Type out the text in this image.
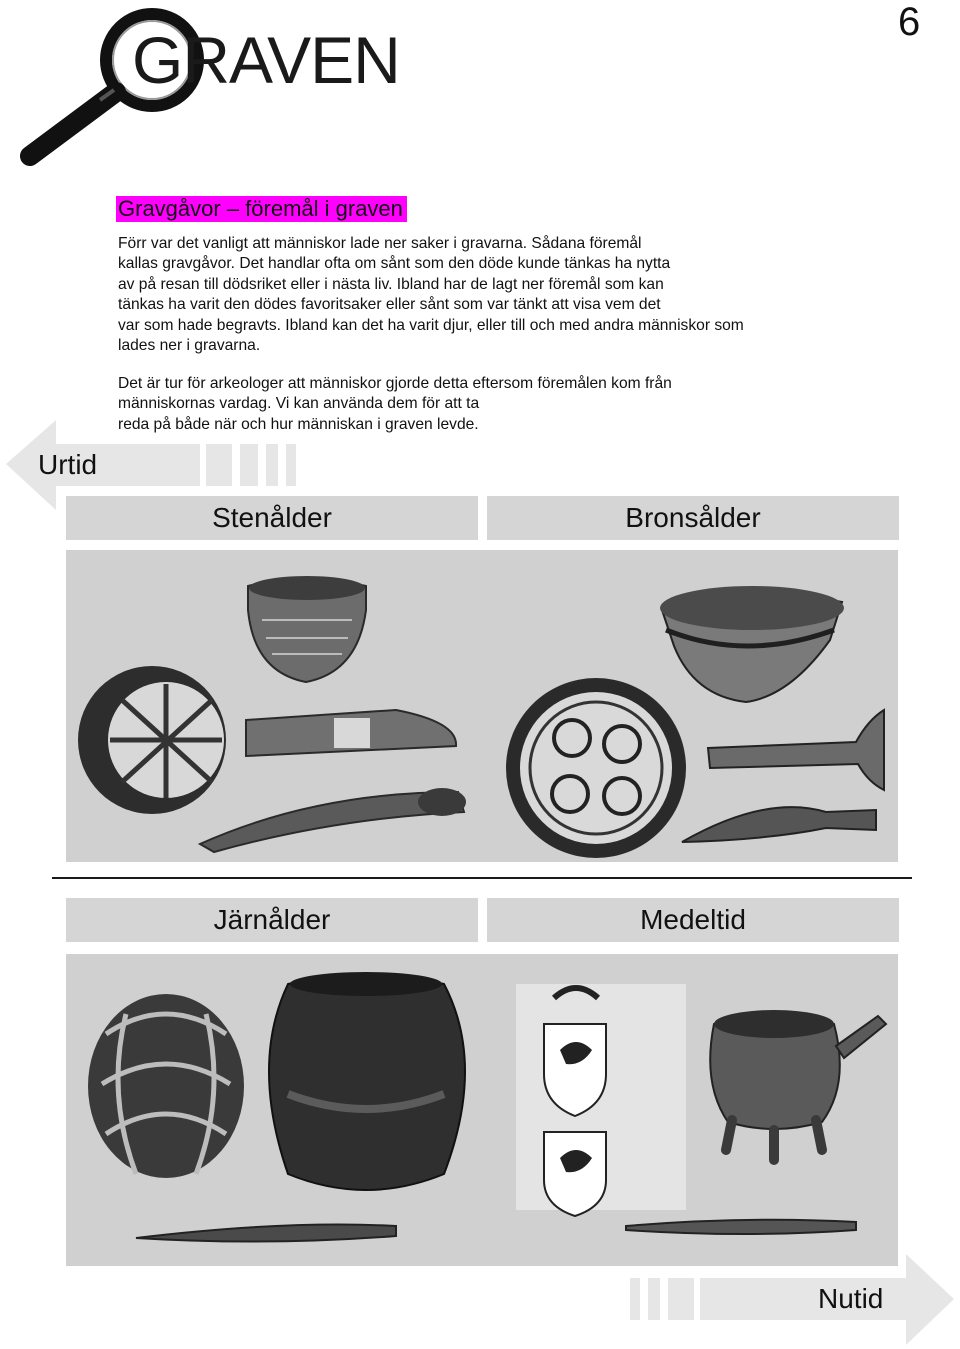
6
GRAVEN
Gravgåvor – föremål i graven
Förr var det vanligt att människor lade ner saker i gravarna. Sådana föremål
kallas gravgåvor. Det handlar ofta om sånt som den döde kunde tänkas ha nytta
av på resan till dödsriket eller i nästa liv. Ibland har de lagt ner föremål som kan
tänkas ha varit den dödes favoritsaker eller sånt som var tänkt att visa vem det
var som hade begravts. Ibland kan det ha varit djur, eller till och med andra människor som
lades ner i gravarna.
Det är tur för arkeologer att människor gjorde detta eftersom föremålen kom från
människornas vardag. Vi kan använda dem för att ta
reda på både när och hur människan i graven levde.
Urtid
Nutid
Stenålder	Bronsålder
Järnålder	Medeltid
